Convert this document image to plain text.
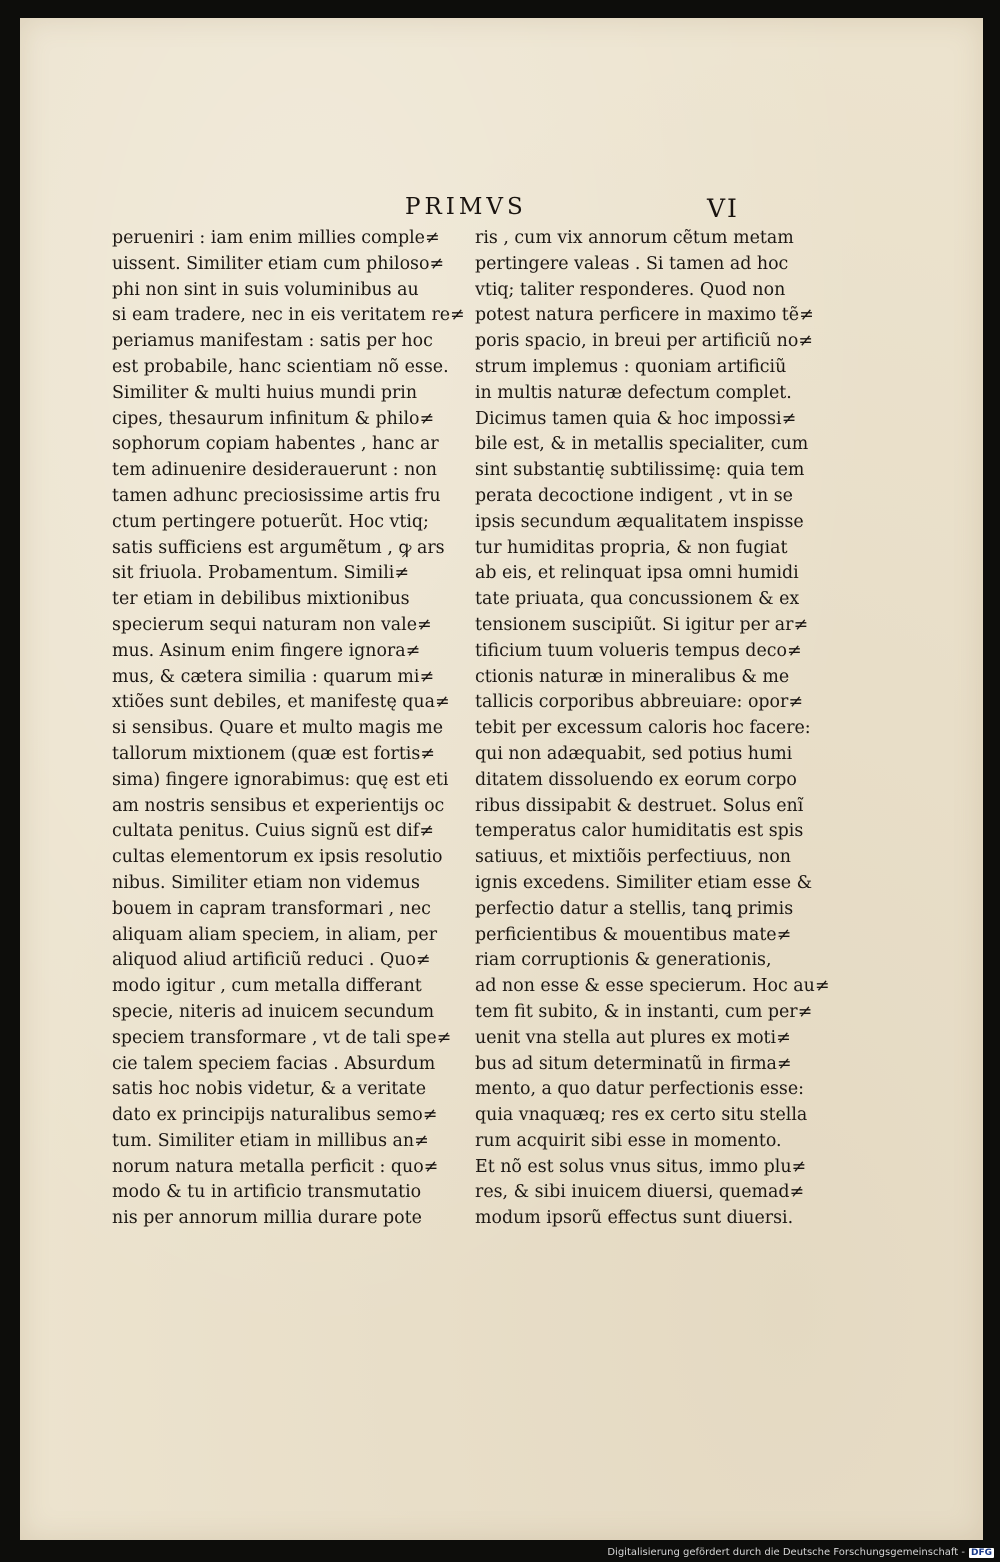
PRIMVS	VI
perueniri : iam enim millies comple≠
uissent. Similiter etiam cum philoso≠
phi non sint in suis voluminibus au
si eam tradere, nec in eis veritatem re≠
periamus manifestam : satis per hoc
est probabile, hanc scientiam nõ esse.
Similiter & multi huius mundi prin
cipes, thesaurum infinitum & philo≠
sophorum copiam habentes , hanc ar
tem adinuenire desiderauerunt : non
tamen adhunc preciosissime artis fru
ctum pertingere potuerũt. Hoc vtiq;
satis sufficiens est argumẽtum , ꝙ ars
sit friuola. Probamentum. Simili≠
ter etiam in debilibus mixtionibus
specierum sequi naturam non vale≠
mus. Asinum enim fingere ignora≠
mus, & cætera similia : quarum mi≠
xtiões sunt debiles, et manifestę qua≠
si sensibus. Quare et multo magis me
tallorum mixtionem (quæ est fortis≠
sima) fingere ignorabimus: quę est eti
am nostris sensibus et experientijs oc
cultata penitus. Cuius signũ est dif≠
cultas elementorum ex ipsis resolutio
nibus. Similiter etiam non videmus
bouem in capram transformari , nec
aliquam aliam speciem, in aliam, per
aliquod aliud artificiũ reduci . Quo≠
modo igitur , cum metalla differant
specie, niteris ad inuicem secundum
speciem transformare , vt de tali spe≠
cie talem speciem facias . Absurdum
satis hoc nobis videtur, & a veritate
dato ex principijs naturalibus semo≠
tum. Similiter etiam in millibus an≠
norum natura metalla perficit : quo≠
modo & tu in artificio transmutatio
nis per annorum millia durare pote
ris , cum vix annorum cẽtum metam
pertingere valeas . Si tamen ad hoc
vtiq; taliter responderes. Quod non
potest natura perficere in maximo tẽ≠
poris spacio, in breui per artificiũ no≠
strum implemus : quoniam artificiũ
in multis naturæ defectum complet.
Dicimus tamen quia & hoc impossi≠
bile est, & in metallis specialiter, cum
sint substantię subtilissimę: quia tem
perata decoctione indigent , vt in se
ipsis secundum æqualitatem inspisse
tur humiditas propria, & non fugiat
ab eis, et relinquat ipsa omni humidi
tate priuata, qua concussionem & ex
tensionem suscipiũt. Si igitur per ar≠
tificium tuum volueris tempus deco≠
ctionis naturæ in mineralibus & me
tallicis corporibus abbreuiare: opor≠
tebit per excessum caloris hoc facere:
qui non adæquabit, sed potius humi
ditatem dissoluendo ex eorum corpo
ribus dissipabit & destruet. Solus enĩ
temperatus calor humiditatis est spis
satiuus, et mixtiõis perfectiuus, non
ignis excedens. Similiter etiam esse &
perfectio datur a stellis, tanꝗ primis
perficientibus & mouentibus mate≠
riam corruptionis & generationis,
ad non esse & esse specierum. Hoc au≠
tem fit subito, & in instanti, cum per≠
uenit vna stella aut plures ex moti≠
bus ad situm determinatũ in firma≠
mento, a quo datur perfectionis esse:
quia vnaquæq; res ex certo situ stella
rum acquirit sibi esse in momento.
Et nõ est solus vnus situs, immo plu≠
res, & sibi inuicem diuersi, quemad≠
modum ipsorũ effectus sunt diuersi.
Digitalisierung gefördert durch die Deutsche Forschungsgemeinschaft - DFG
